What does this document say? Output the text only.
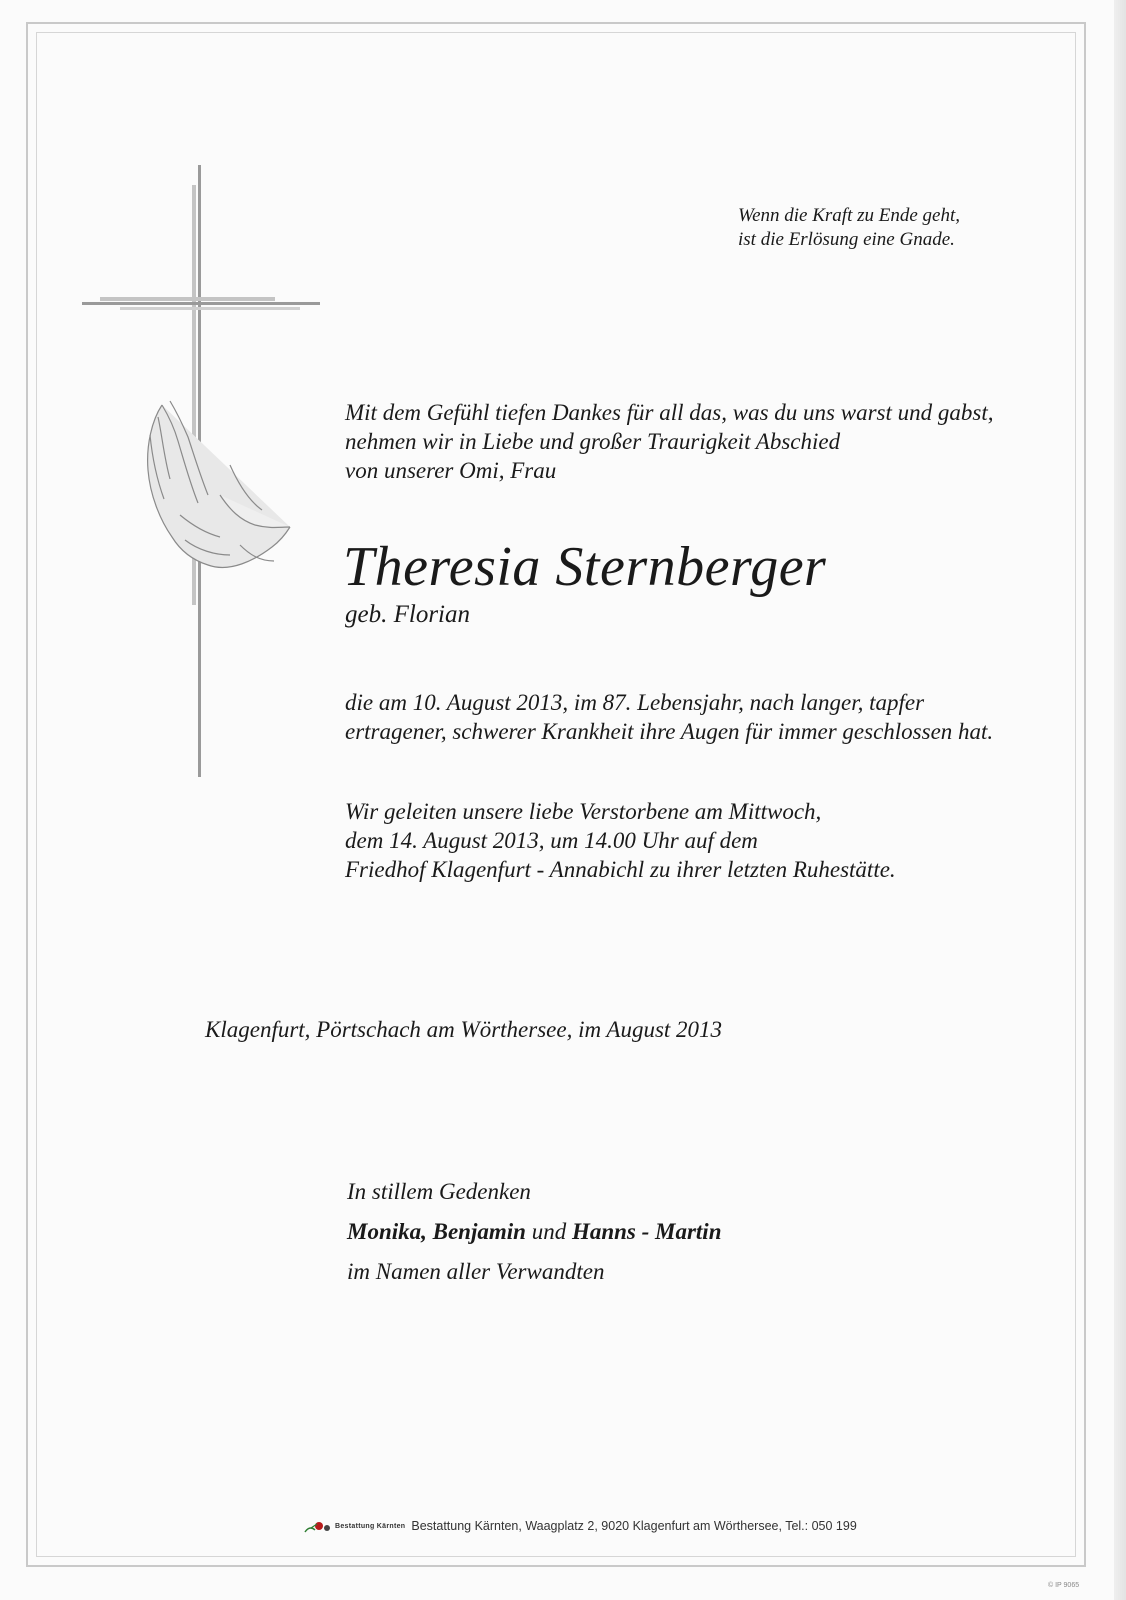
Wenn die Kraft zu Ende geht,
ist die Erlösung eine Gnade.
Mit dem Gefühl tiefen Dankes für all das, was du uns warst und gabst,
nehmen wir in Liebe und großer Traurigkeit Abschied
von unserer Omi, Frau
Theresia Sternberger
geb. Florian
die am 10. August 2013, im 87. Lebensjahr, nach langer, tapfer
ertragener, schwerer Krankheit ihre Augen für immer geschlossen hat.
Wir geleiten unsere liebe Verstorbene am Mittwoch,
dem 14. August 2013, um 14.00 Uhr auf dem
Friedhof Klagenfurt - Annabichl zu ihrer letzten Ruhestätte.
Klagenfurt, Pörtschach am Wörthersee, im August 2013
In stillem Gedenken
Monika, Benjamin und Hanns - Martin
im Namen aller Verwandten
Bestattung Kärnten Bestattung Kärnten, Waagplatz 2, 9020 Klagenfurt am Wörthersee, Tel.: 050 199
© IP 9065
